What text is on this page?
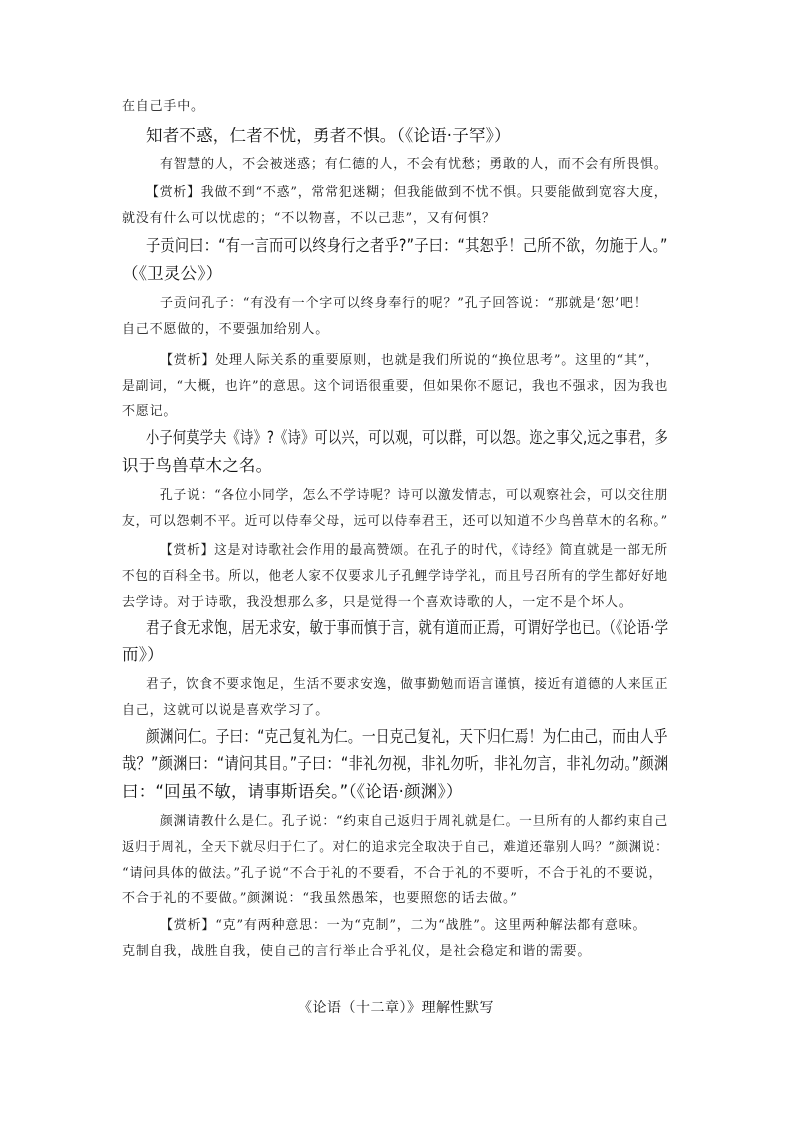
在自己手中。
知者不惑，仁者不忧，勇者不惧。（《论语·子罕》）
有智慧的人，不会被迷惑；有仁德的人，不会有忧愁；勇敢的人，而不会有所畏惧。
【赏析】我做不到“不惑”，常常犯迷糊；但我能做到不忧不惧。只要能做到宽容大度，
就没有什么可以忧虑的；“不以物喜，不以己悲”，又有何惧？
子贡问曰：“有一言而可以终身行之者乎?”子曰：“其恕乎！己所不欲，勿施于人。”
（《卫灵公》）
子贡问孔子：“有没有一个字可以终身奉行的呢？”孔子回答说：“那就是‘恕’吧！
自己不愿做的，不要强加给别人。
【赏析】处理人际关系的重要原则，也就是我们所说的“换位思考”。这里的“其”，
是副词，“大概，也许”的意思。这个词语很重要，但如果你不愿记，我也不强求，因为我也
不愿记。
小子何莫学夫《诗》?《诗》可以兴，可以观，可以群，可以怨。迩之事父,远之事君，多
识于鸟兽草木之名。
孔子说：“各位小同学，怎么不学诗呢？诗可以激发情志，可以观察社会，可以交往朋
友，可以怨刺不平。近可以侍奉父母，远可以侍奉君王，还可以知道不少鸟兽草木的名称。”
【赏析】这是对诗歌社会作用的最高赞颂。在孔子的时代，《诗经》简直就是一部无所
不包的百科全书。所以，他老人家不仅要求儿子孔鲤学诗学礼，而且号召所有的学生都好好地
去学诗。对于诗歌，我没想那么多，只是觉得一个喜欢诗歌的人，一定不是个坏人。
君子食无求饱，居无求安，敏于事而慎于言，就有道而正焉，可谓好学也已。（《论语·学
而》）
君子，饮食不要求饱足，生活不要求安逸，做事勤勉而语言谨慎，接近有道德的人来匡正
自己，这就可以说是喜欢学习了。
颜渊问仁。子曰：“克己复礼为仁。一日克己复礼，天下归仁焉！为仁由己，而由人乎
哉？”颜渊曰：“请问其目。”子曰：“非礼勿视，非礼勿听，非礼勿言，非礼勿动。”颜渊
曰：“回虽不敏，请事斯语矣。”（《论语·颜渊》）
颜渊请教什么是仁。孔子说：“约束自己返归于周礼就是仁。一旦所有的人都约束自己
返归于周礼，全天下就尽归于仁了。对仁的追求完全取决于自己，难道还靠别人吗？”颜渊说：
“请问具体的做法。”孔子说“不合于礼的不要看，不合于礼的不要听，不合于礼的不要说，
不合于礼的不要做。”颜渊说：“我虽然愚笨，也要照您的话去做。”
【赏析】“克”有两种意思：一为“克制”，二为“战胜”。这里两种解法都有意味。
克制自我，战胜自我，使自己的言行举止合乎礼仪，是社会稳定和谐的需要。
《论语（十二章）》理解性默写
